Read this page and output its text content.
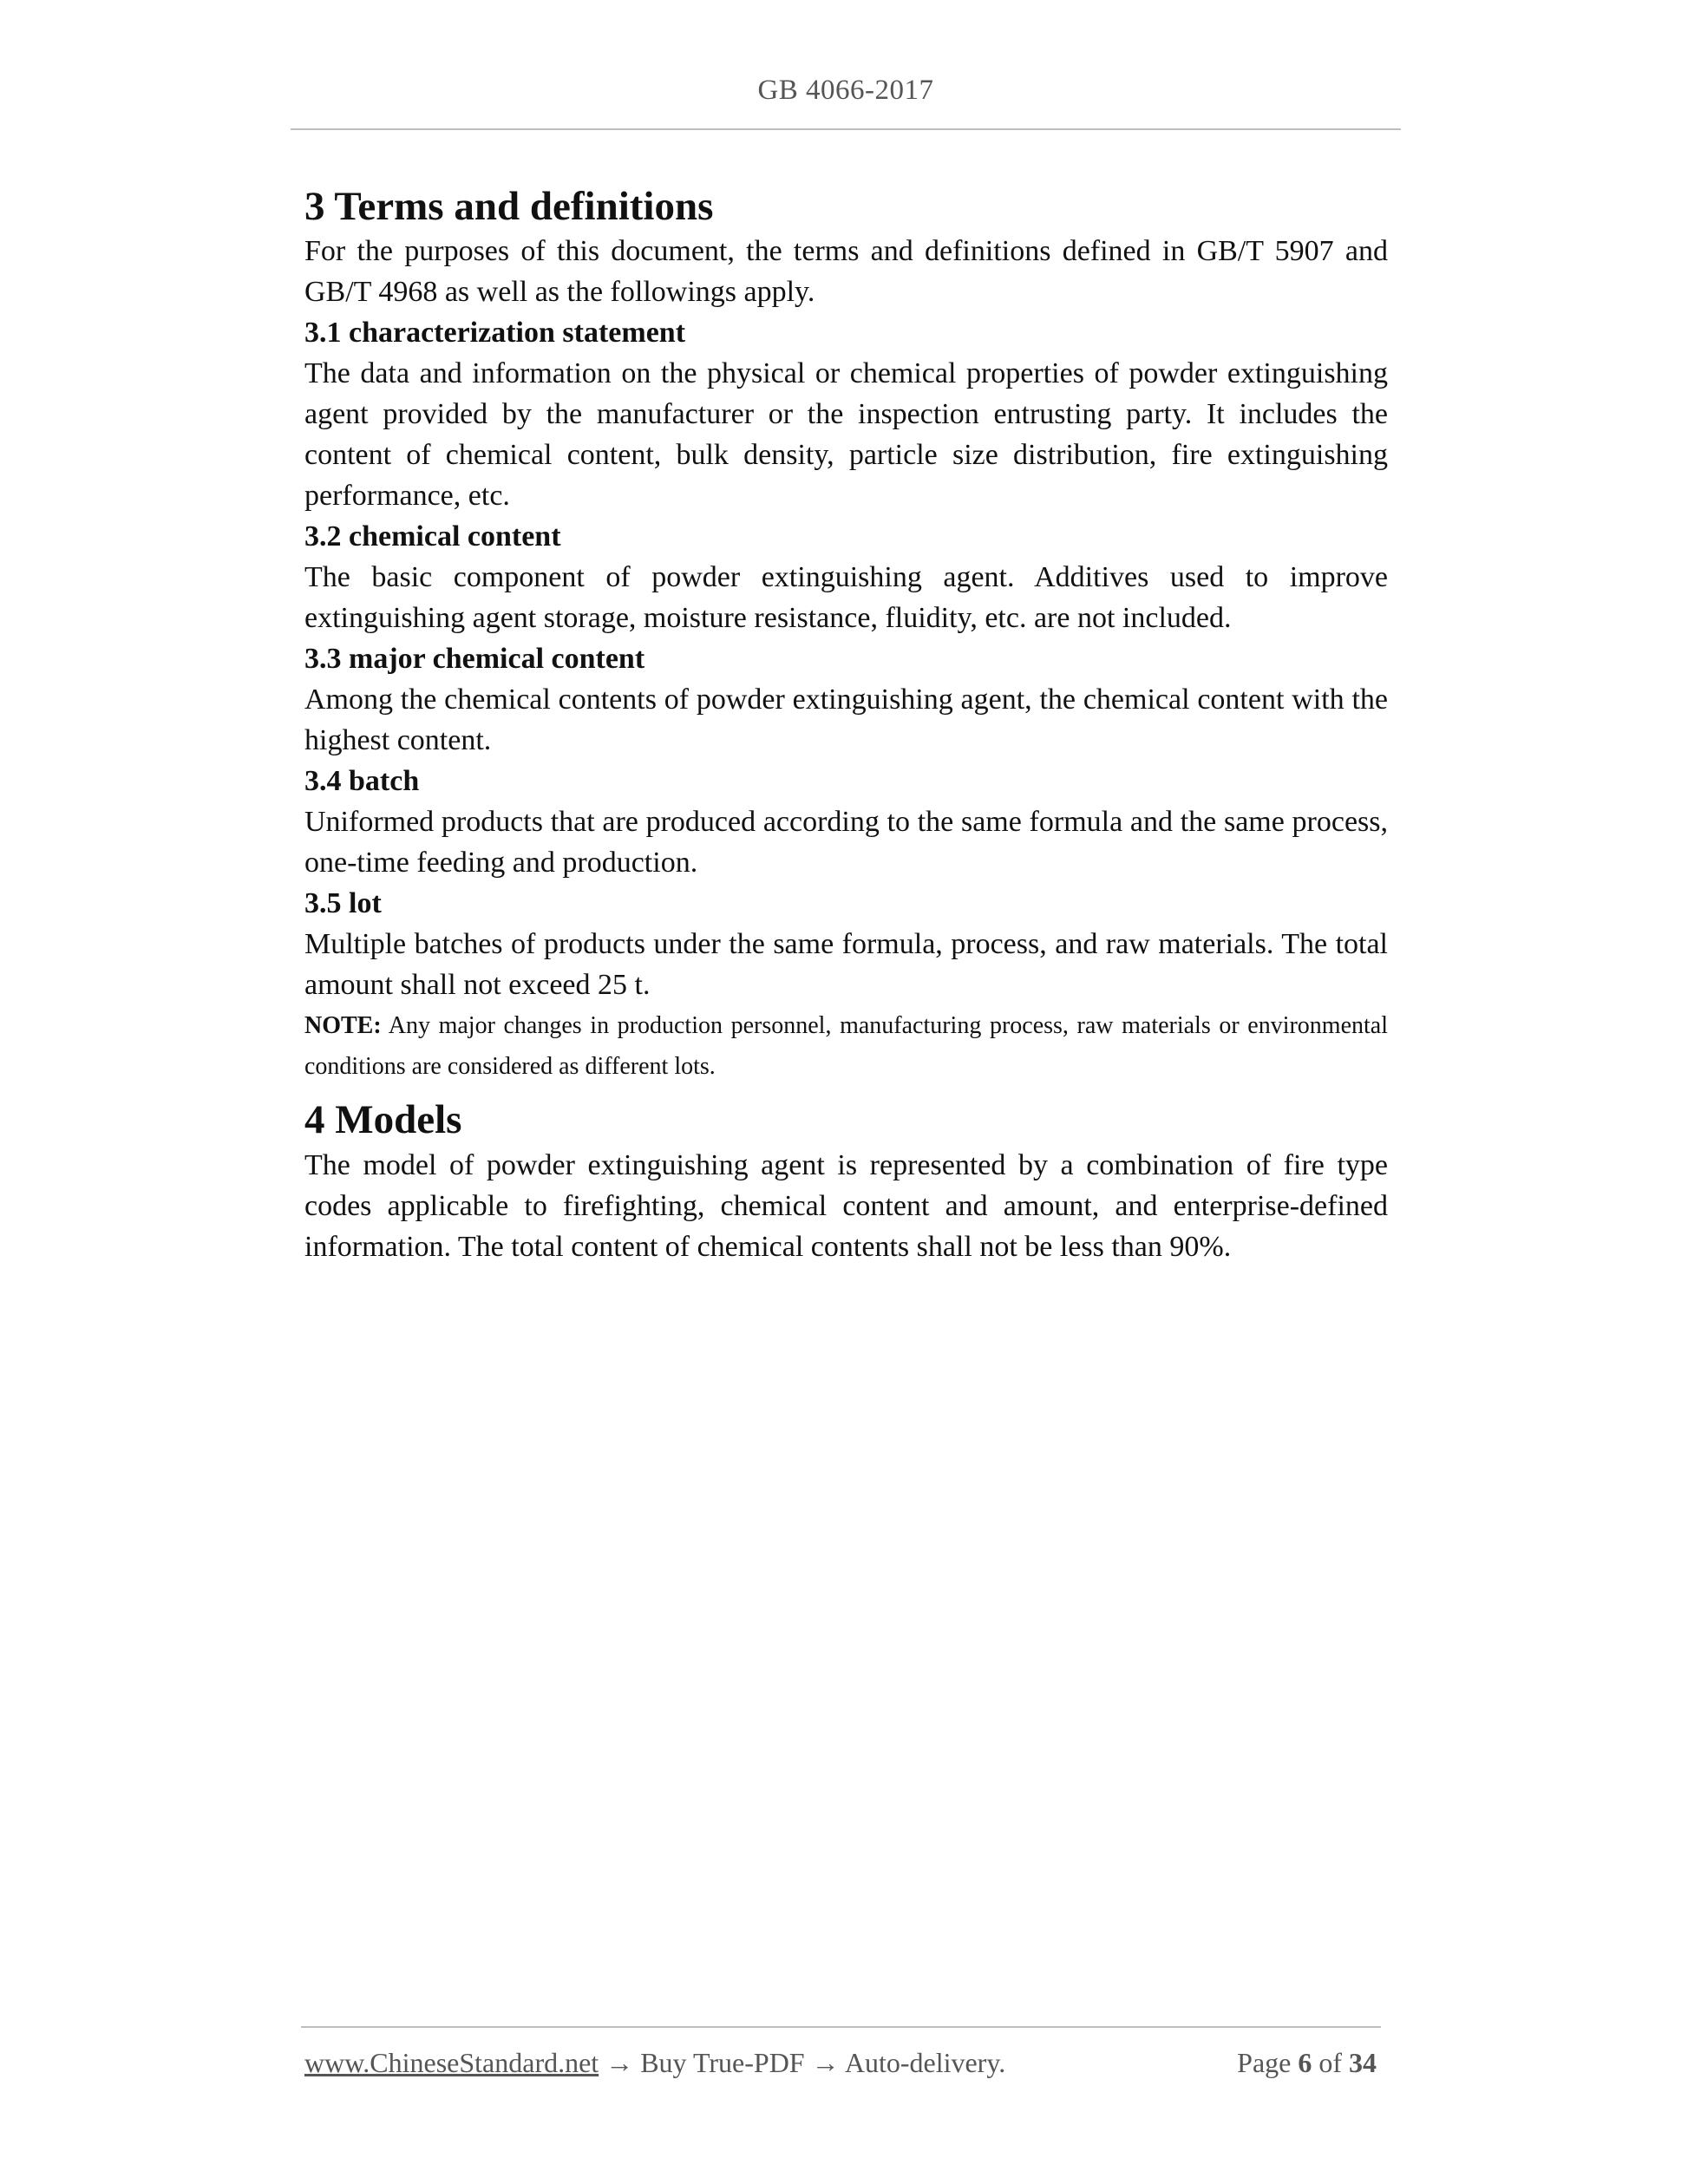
GB 4066-2017
3 Terms and definitions

For the purposes of this document, the terms and definitions defined in GB/T 5907 and GB/T 4968 as well as the followings apply.

3.1 characterization statement

The data and information on the physical or chemical properties of powder extinguishing agent provided by the manufacturer or the inspection entrusting party. It includes the content of chemical content, bulk density, particle size distribution, fire extinguishing performance, etc.

3.2 chemical content

The basic component of powder extinguishing agent. Additives used to improve extinguishing agent storage, moisture resistance, fluidity, etc. are not included.

3.3 major chemical content

Among the chemical contents of powder extinguishing agent, the chemical content with the highest content.

3.4 batch

Uniformed products that are produced according to the same formula and the same process, one-time feeding and production.

3.5 lot

Multiple batches of products under the same formula, process, and raw materials. The total amount shall not exceed 25 t.

NOTE: Any major changes in production personnel, manufacturing process, raw materials or environmental conditions are considered as different lots.

4 Models

The model of powder extinguishing agent is represented by a combination of fire type codes applicable to firefighting, chemical content and amount, and enterprise-defined information. The total content of chemical contents shall not be less than 90%.

www.ChineseStandard.net → Buy True-PDF → Auto-delivery.	Page 6 of 34
